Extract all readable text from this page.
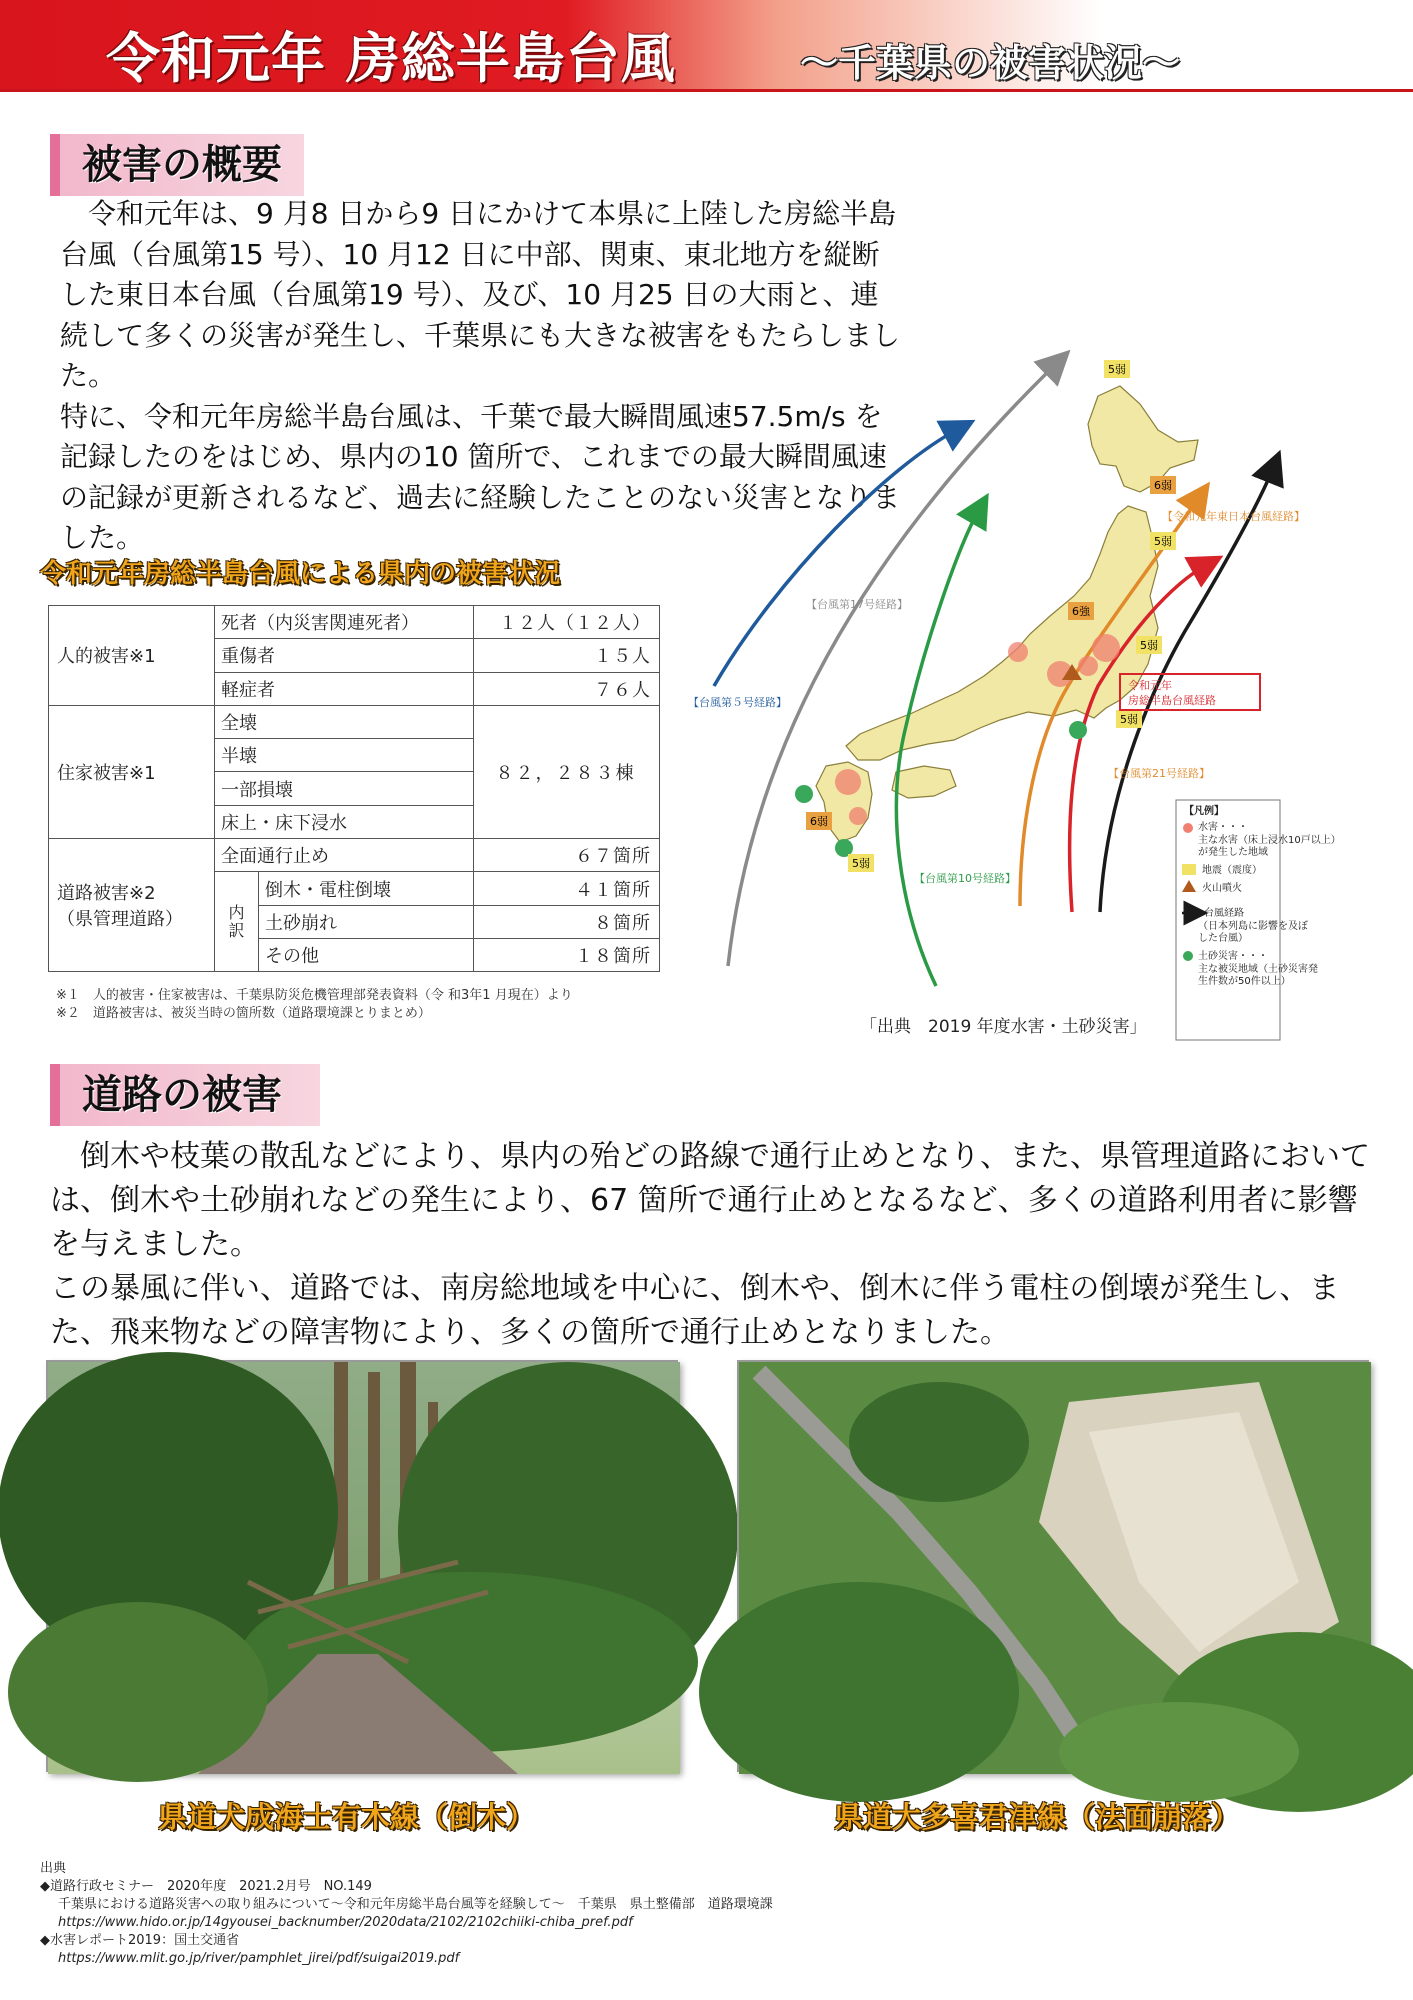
令和元年 房総半島台風	～千葉県の被害状況～
被害の概要

　令和元年は、9 月8 日から9 日にかけて本県に上陸した房総半島台風（台風第15 号）、10 月12 日に中部、関東、東北地方を縦断した東日本台風（台風第19 号）、及び、10 月25 日の大雨と、連続して多くの災害が発生し、千葉県にも大きな被害をもたらしました。

特に、令和元年房総半島台風は、千葉で最大瞬間風速57.5m/s を記録したのをはじめ、県内の10 箇所で、これまでの最大瞬間風速の記録が更新されるなど、過去に経験したことのない災害となりました。

令和元年房総半島台風による県内の被害状況
人的被害※1	死者（内災害関連死者）		１２人（１２人）
	重傷者		１５人
	軽症者		７６人
住家被害※1	全壊		８２，２８３棟
	半壊		
	一部損壊		
	床上・床下浸水		
道路被害※2
（県管理道路）	全面通行止め		６７箇所
	内
訳	倒木・電柱倒壊	４１箇所
		土砂崩れ	８箇所
		その他	１８箇所
※１　人的被害・住家被害は、千葉県防災危機管理部発表資料（令 和3年1 月現在）より
※２　道路被害は、被災当時の箇所数（道路環境課とりまとめ）
5弱
6弱
5弱
6強
5弱
5弱
6弱
5弱
【台風第５号経路】
【台風第17号経路】
【台風第10号経路】
【台風第21号経路】
【令和元年東日本台風経路】
令和元年
房総半島台風経路
【凡例】
水害・・・
主な水害（床上浸水10戸以上）
が発生した地域
地震（震度）
火山噴火
台風経路
（日本列島に影響を及ぼ
した台風）
土砂災害・・・
主な被災地域（土砂災害発
生件数が50件以上）
「出典　2019 年度水害・土砂災害」
道路の被害

　倒木や枝葉の散乱などにより、県内の殆どの路線で通行止めとなり、また、県管理道路においては、倒木や土砂崩れなどの発生により、67 箇所で通行止めとなるなど、多くの道路利用者に影響を与えました。

この暴風に伴い、道路では、南房総地域を中心に、倒木や、倒木に伴う電柱の倒壊が発生し、また、飛来物などの障害物により、多くの箇所で通行止めとなりました。

県道犬成海士有木線（倒木）	県道大多喜君津線（法面崩落）
出典
◆道路行政セミナー　2020年度　2021.2月号　NO.149
千葉県における道路災害への取り組みについて～令和元年房総半島台風等を経験して～　千葉県　県土整備部　道路環境課
https://www.hido.or.jp/14gyousei_backnumber/2020data/2102/2102chiiki-chiba_pref.pdf
◆水害レポート2019：国土交通省
https://www.mlit.go.jp/river/pamphlet_jirei/pdf/suigai2019.pdf
